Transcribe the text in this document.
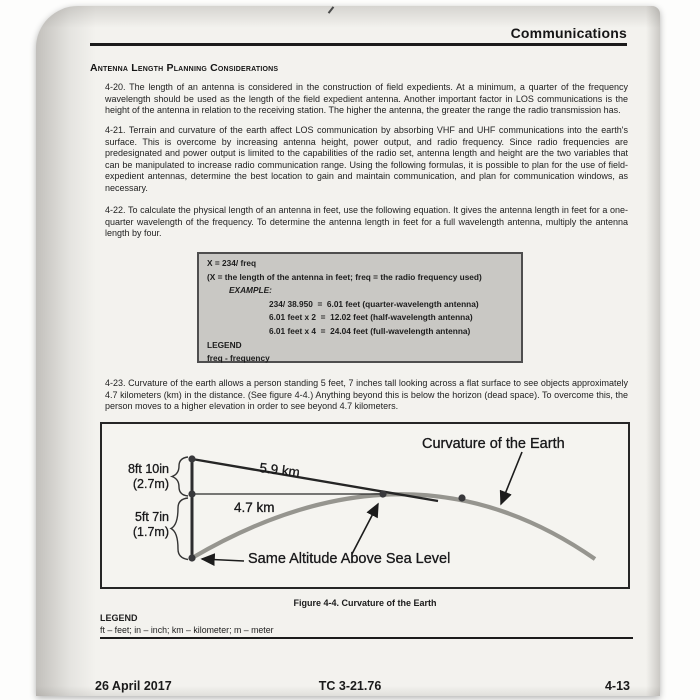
Communications
Antenna Length Planning Considerations
4-20. The length of an antenna is considered in the construction of field expedients. At a minimum, a quarter of the frequency wavelength should be used as the length of the field expedient antenna. Another important factor in LOS communications is the height of the antenna in relation to the receiving station. The higher the antenna, the greater the range the radio transmission has.
4-21. Terrain and curvature of the earth affect LOS communication by absorbing VHF and UHF communications into the earth's surface. This is overcome by increasing antenna height, power output, and radio frequency. Since radio frequencies are predesignated and power output is limited to the capabilities of the radio set, antenna length and height are the two variables that can be manipulated to increase radio communication range. Using the following formulas, it is possible to plan for the use of field-expedient antennas, determine the best location to gain and maintain communication, and plan for communication windows, as necessary.
4-22. To calculate the physical length of an antenna in feet, use the following equation. It gives the antenna length in feet for a one-quarter wavelength of the frequency. To determine the antenna length in feet for a full wavelength antenna, multiply the antenna length by four.
4-23. Curvature of the earth allows a person standing 5 feet, 7 inches tall looking across a flat surface to see objects approximately 4.7 kilometers (km) in the distance. (See figure 4-4.) Anything beyond this is below the horizon (dead space). To overcome this, the person moves to a higher elevation in order to see beyond 4.7 kilometers.
X = 234/ freq
(X = the length of the antenna in feet; freq = the radio frequency used)
EXAMPLE:
234/ 38.950  =  6.01 feet (quarter-wavelength antenna)
6.01 feet x 2  =  12.02 feet (half-wavelength antenna)
6.01 feet x 4  =  24.04 feet (full-wavelength antenna)
LEGEND
freq - frequency
8ft 10in
(2.7m)
5ft 7in
(1.7m)
5.9 km
4.7 km
Curvature of the Earth
Same Altitude Above Sea Level
Figure 4-4. Curvature of the Earth
LEGEND
ft – feet; in – inch; km – kilometer; m – meter
26 April 2017	TC 3-21.76	4-13
